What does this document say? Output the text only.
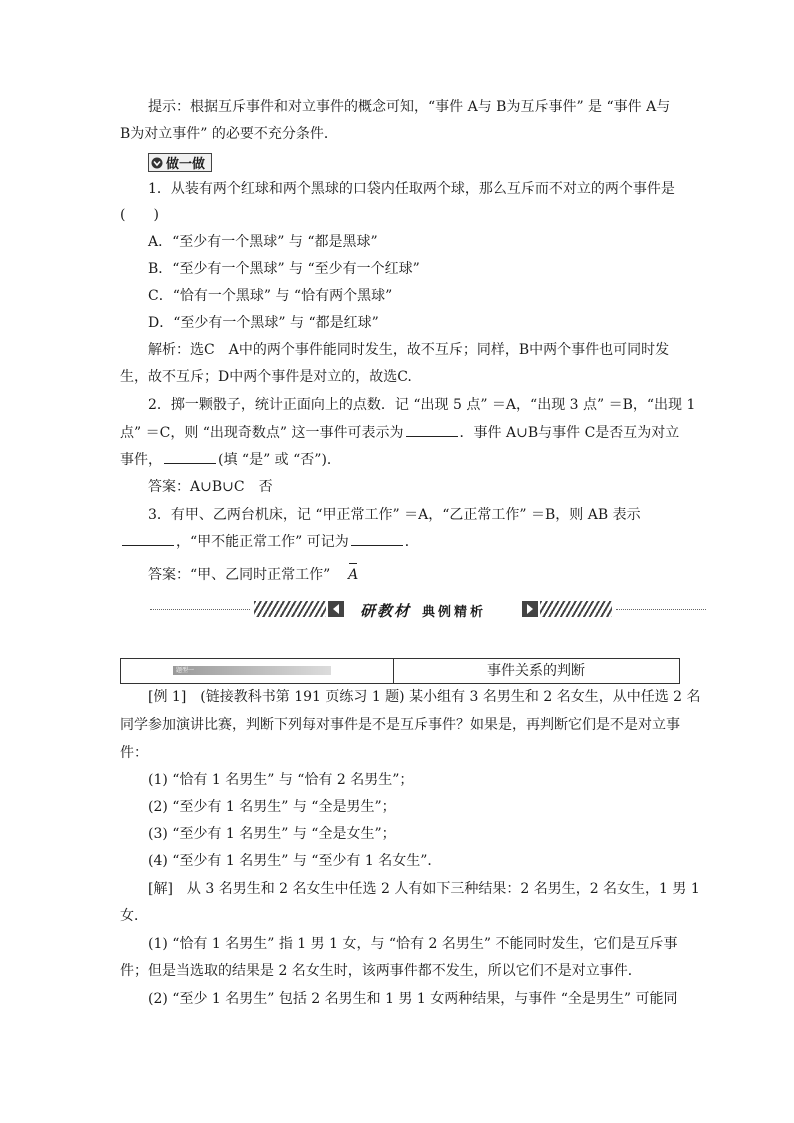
提示：根据互斥事件和对立事件的概念可知，“事件 A与 B为互斥事件” 是 “事件 A与
B为对立事件” 的必要不充分条件．
做一做
1．从装有两个红球和两个黑球的口袋内任取两个球，那么互斥而不对立的两个事件是
(　　)
A．“至少有一个黑球” 与 “都是黑球”
B．“至少有一个黑球” 与 “至少有一个红球”
C．“恰有一个黑球” 与 “恰有两个黑球”
D．“至少有一个黑球” 与 “都是红球”
解析：选C　A中的两个事件能同时发生，故不互斥；同样，B中两个事件也可同时发
生，故不互斥；D中两个事件是对立的，故选C.
2．掷一颗骰子，统计正面向上的点数．记 “出现 5 点” ＝A，“出现 3 点” ＝B，“出现 1
点” ＝C，则 “出现奇数点” 这一事件可表示为	．事件 A∪B与事件 C是否互为对立
事件，	(填 “是” 或 “否”)．
答案：A∪B∪C　否
3．有甲、乙两台机床，记 “甲正常工作” ＝A，“乙正常工作” ＝B，则 AB 表示
，“甲不能正常工作” 可记为	．
答案：“甲、乙同时正常工作” A
研教材 典例精析
题型一	事件关系的判断
[例 1]　(链接教科书第 191 页练习 1 题) 某小组有 3 名男生和 2 名女生，从中任选 2 名
同学参加演讲比赛，判断下列每对事件是不是互斥事件？如果是，再判断它们是不是对立事
件：
(1) “恰有 1 名男生” 与 “恰有 2 名男生”；
(2) “至少有 1 名男生” 与 “全是男生”；
(3) “至少有 1 名男生” 与 “全是女生”；
(4) “至少有 1 名男生” 与 “至少有 1 名女生”．
[解]　从 3 名男生和 2 名女生中任选 2 人有如下三种结果：2 名男生，2 名女生，1 男 1
女．
(1) “恰有 1 名男生” 指 1 男 1 女，与 “恰有 2 名男生” 不能同时发生，它们是互斥事
件；但是当选取的结果是 2 名女生时，该两事件都不发生，所以它们不是对立事件．
(2) “至少 1 名男生” 包括 2 名男生和 1 男 1 女两种结果，与事件 “全是男生” 可能同
